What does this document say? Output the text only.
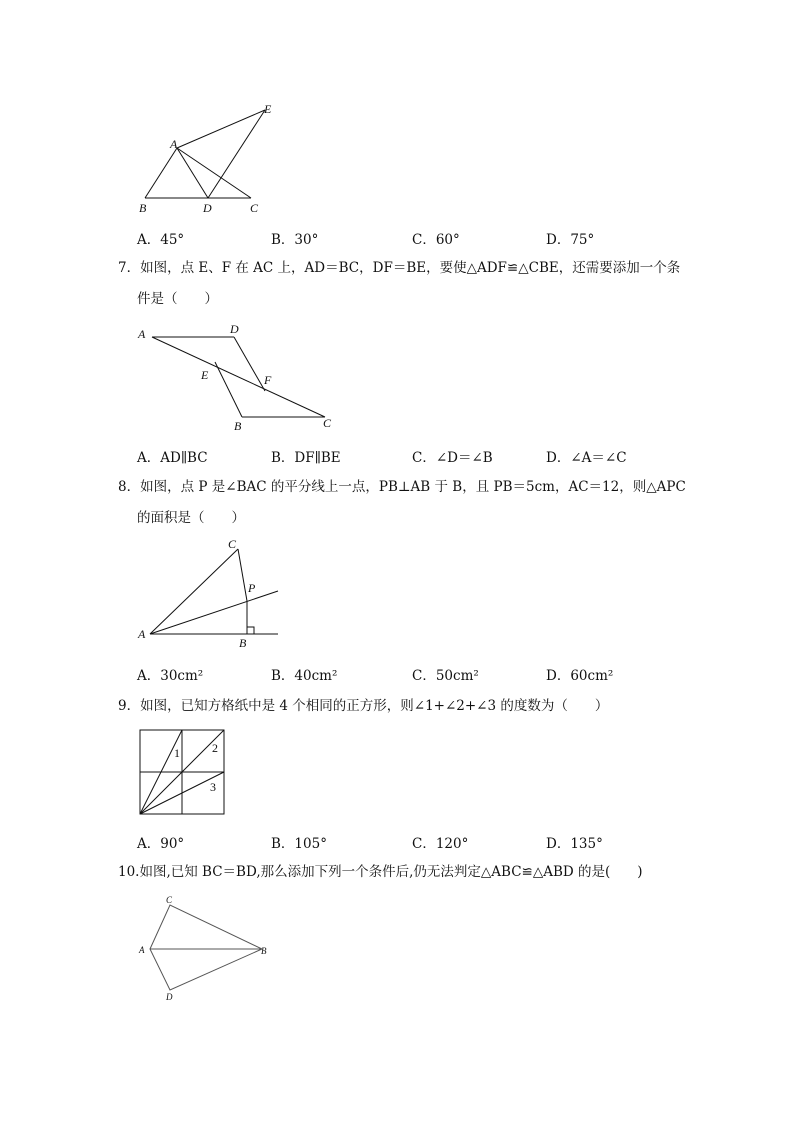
E
A
B	D	C
A．45°	B．30°	C．60°	D．75°
7．如图，点 E、F 在 AC 上，AD＝BC，DF＝BE，要使△ADF≌△CBE，还需要添加一个条
件是（　　）
A	D
E	F
B	C
A．AD∥BC	B．DF∥BE	C．∠D＝∠B	D．∠A＝∠C
8．如图，点 P 是∠BAC 的平分线上一点，PB⊥AB 于 B，且 PB＝5cm，AC＝12，则△APC
的面积是（　　）
C
P
A
B
A．30cm²	B．40cm²	C．50cm²	D．60cm²
9．如图，已知方格纸中是 4 个相同的正方形，则∠1+∠2+∠3 的度数为（　　）
1	2
3
A．90°	B．105°	C．120°	D．135°
10.如图,已知 BC＝BD,那么添加下列一个条件后,仍无法判定△ABC≌△ABD 的是(　　)
C
A	B
D
